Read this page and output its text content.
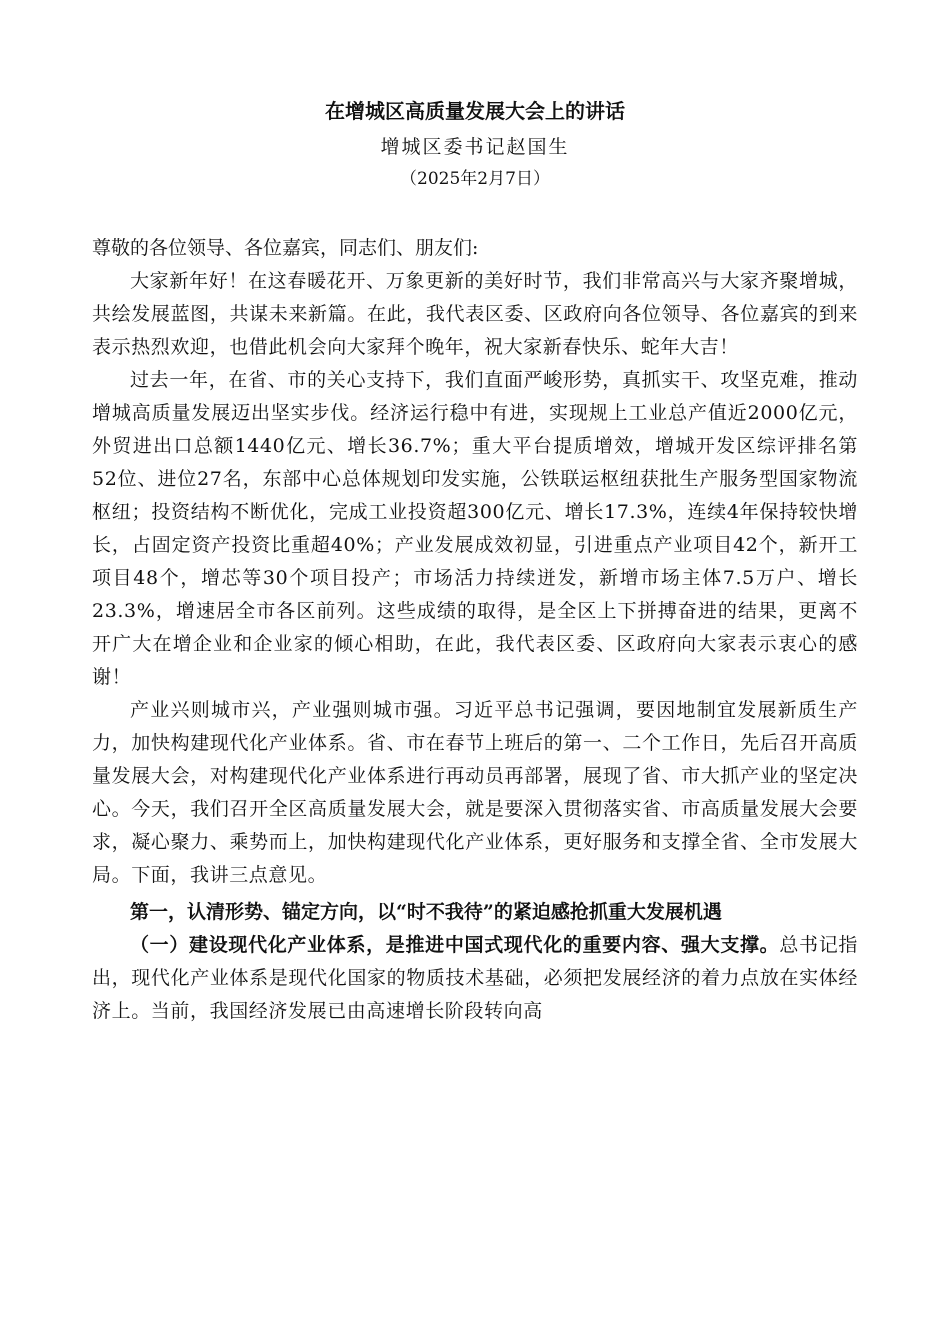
在增城区高质量发展大会上的讲话

增城区委书记赵国生

（2025年2月7日）

尊敬的各位领导、各位嘉宾，同志们、朋友们:

大家新年好！在这春暖花开、万象更新的美好时节，我们非常高兴与大家齐聚增城，共绘发展蓝图，共谋未来新篇。在此，我代表区委、区政府向各位领导、各位嘉宾的到来表示热烈欢迎，也借此机会向大家拜个晚年，祝大家新春快乐、蛇年大吉！

过去一年，在省、市的关心支持下，我们直面严峻形势，真抓实干、攻坚克难，推动增城高质量发展迈出坚实步伐。经济运行稳中有进，实现规上工业总产值近2000亿元，外贸进出口总额1440亿元、增长36.7%；重大平台提质增效，增城开发区综评排名第52位、进位27名，东部中心总体规划印发实施，公铁联运枢纽获批生产服务型国家物流枢纽；投资结构不断优化，完成工业投资超300亿元、增长17.3%，连续4年保持较快增长，占固定资产投资比重超40%；产业发展成效初显，引进重点产业项目42个，新开工项目48个，增芯等30个项目投产；市场活力持续迸发，新增市场主体7.5万户、增长23.3%，增速居全市各区前列。这些成绩的取得，是全区上下拼搏奋进的结果，更离不开广大在增企业和企业家的倾心相助，在此，我代表区委、区政府向大家表示衷心的感谢！

产业兴则城市兴，产业强则城市强。习近平总书记强调，要因地制宜发展新质生产力，加快构建现代化产业体系。省、市在春节上班后的第一、二个工作日，先后召开高质量发展大会，对构建现代化产业体系进行再动员再部署，展现了省、市大抓产业的坚定决心。今天，我们召开全区高质量发展大会，就是要深入贯彻落实省、市高质量发展大会要求，凝心聚力、乘势而上，加快构建现代化产业体系，更好服务和支撑全省、全市发展大局。下面，我讲三点意见。

第一，认清形势、锚定方向，以“时不我待”的紧迫感抢抓重大发展机遇

（一）建设现代化产业体系，是推进中国式现代化的重要内容、强大支撑。总书记指出，现代化产业体系是现代化国家的物质技术基础，必须把发展经济的着力点放在实体经济上。当前，我国经济发展已由高速增长阶段转向高
